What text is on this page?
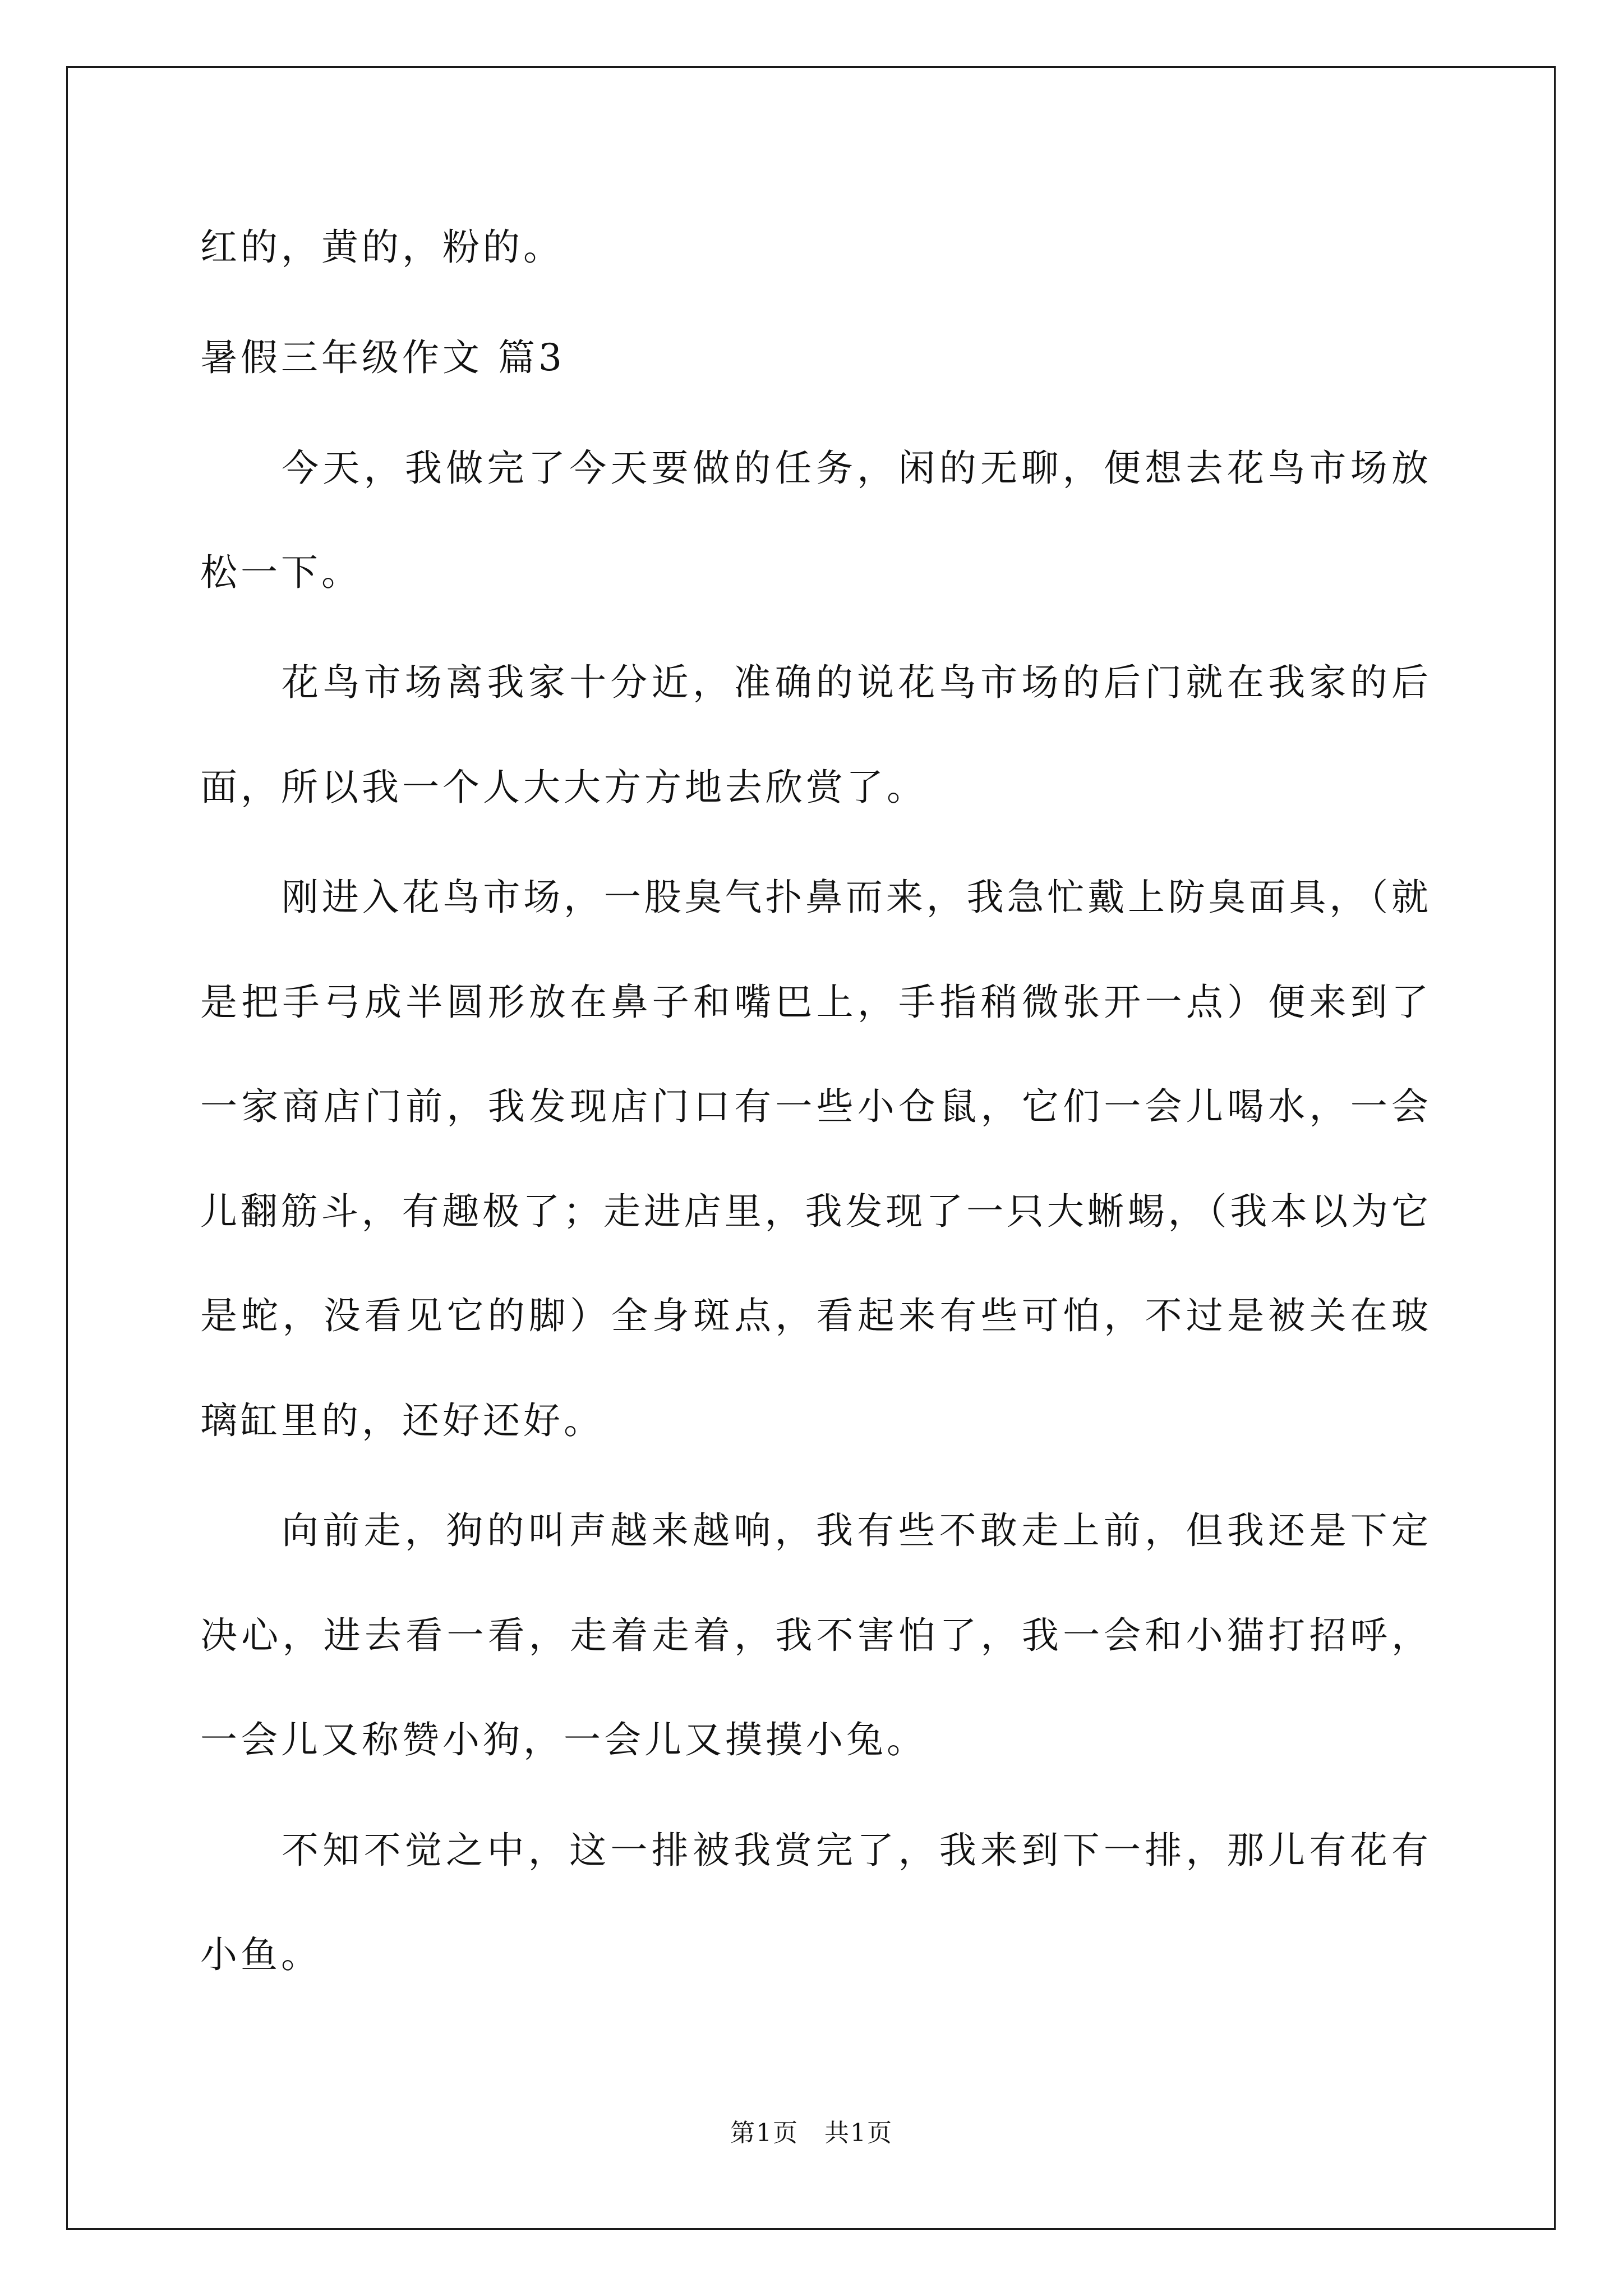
红的，黄的，粉的。
暑假三年级作文 篇3
今天，我做完了今天要做的任务，闲的无聊，便想去花鸟市场放
松一下。
花鸟市场离我家十分近，准确的说花鸟市场的后门就在我家的后
面，所以我一个人大大方方地去欣赏了。
刚进入花鸟市场，一股臭气扑鼻而来，我急忙戴上防臭面具，（就
是把手弓成半圆形放在鼻子和嘴巴上，手指稍微张开一点）便来到了
一家商店门前，我发现店门口有一些小仓鼠，它们一会儿喝水，一会
儿翻筋斗，有趣极了；走进店里，我发现了一只大蜥蜴，（我本以为它
是蛇，没看见它的脚）全身斑点，看起来有些可怕，不过是被关在玻
璃缸里的，还好还好。
向前走，狗的叫声越来越响，我有些不敢走上前，但我还是下定
决心，进去看一看，走着走着，我不害怕了，我一会和小猫打招呼，
一会儿又称赞小狗，一会儿又摸摸小兔。
不知不觉之中，这一排被我赏完了，我来到下一排，那儿有花有
小鱼。
第1页　共1页
